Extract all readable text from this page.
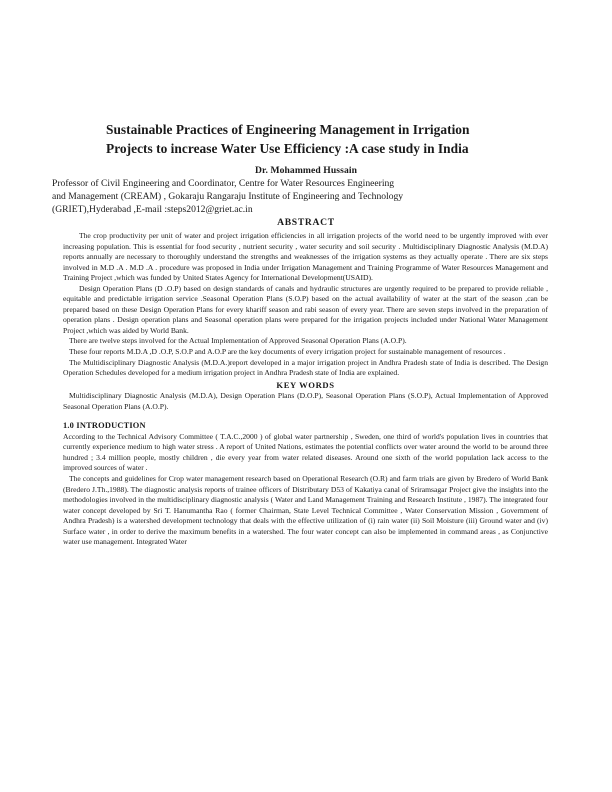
Sustainable Practices of Engineering Management in Irrigation
Projects to increase Water Use Efficiency :A case study in India
Dr. Mohammed Hussain
Professor of Civil Engineering and Coordinator, Centre for Water Resources Engineering
and Management (CREAM) , Gokaraju Rangaraju Institute of Engineering and Technology
(GRIET),Hyderabad ,E-mail :steps2012@griet.ac.in
ABSTRACT

The crop productivity per unit of water and project irrigation efficiencies in all irrigation projects of the world need to be urgently improved with ever increasing population. This is essential for food security , nutrient security , water security and soil security . Multidisciplinary Diagnostic Analysis (M.D.A) reports annually are necessary to thoroughly understand the strengths and weaknesses of the irrigation systems as they actually operate . There are six steps involved in M.D .A . M.D .A . procedure was proposed in India under Irrigation Management and Training Programme of Water Resources Management and Training Project ,which was funded by United States Agency for International Development(USAID).

Design Operation Plans (D .O.P) based on design standards of canals and hydraulic structures are urgently required to be prepared to provide reliable , equitable and predictable irrigation service .Seasonal Operation Plans (S.O.P) based on the actual availability of water at the start of the season ,can be prepared based on these Design Operation Plans for every khariff season and rabi season of every year. There are seven steps involved in the preparation of operation plans . Design operation plans and Seasonal operation plans were prepared for the irrigation projects included under National Water Management Project ,which was aided by World Bank.

There are twelve steps involved for the Actual Implementation of Approved Seasonal Operation Plans (A.O.P).

These four reports M.D.A ,D .O.P, S.O.P and A.O.P are the key documents of every irrigation project for sustainable management of resources .

The Multidisciplinary Diagnostic Analysis (M.D.A.)report developed in a major irrigation project in Andhra Pradesh state of India is described. The Design Operation Schedules developed for a medium irrigation project in Andhra Pradesh state of India are explained.

KEY WORDS

Multidisciplinary Diagnostic Analysis (M.D.A), Design Operation Plans (D.O.P), Seasonal Operation Plans (S.O.P), Actual Implementation of Approved Seasonal Operation Plans (A.O.P).

1.0 INTRODUCTION

According to the Technical Advisory Committee ( T.A.C.,2000 ) of global water partnership , Sweden, one third of world's population lives in countries that currently experience medium to high water stress . A report of United Nations, estimates the potential conflicts over water around the world to be around three hundred ; 3.4 million people, mostly children , die every year from water related diseases. Around one sixth of the world population lack access to the improved sources of water .

The concepts and guidelines for Crop water management research based on Operational Research (O.R) and farm trials are given by Bredero of World Bank (Bredero J.Th.,1988). The diagnostic analysis reports of trainee officers of Distributary D53 of Kakatiya canal of Sriramsagar Project give the insights into the methodologies involved in the multidisciplinary diagnostic analysis ( Water and Land Management Training and Research Institute , 1987). The integrated four water concept developed by Sri T. Hanumantha Rao ( former Chairman, State Level Technical Committee , Water Conservation Mission , Government of Andhra Pradesh) is a watershed development technology that deals with the effective utilization of (i) rain water (ii) Soil Moisture (iii) Ground water and (iv) Surface water , in order to derive the maximum benefits in a watershed. The four water concept can also be implemented in command areas , as Conjunctive water use management. Integrated Water
